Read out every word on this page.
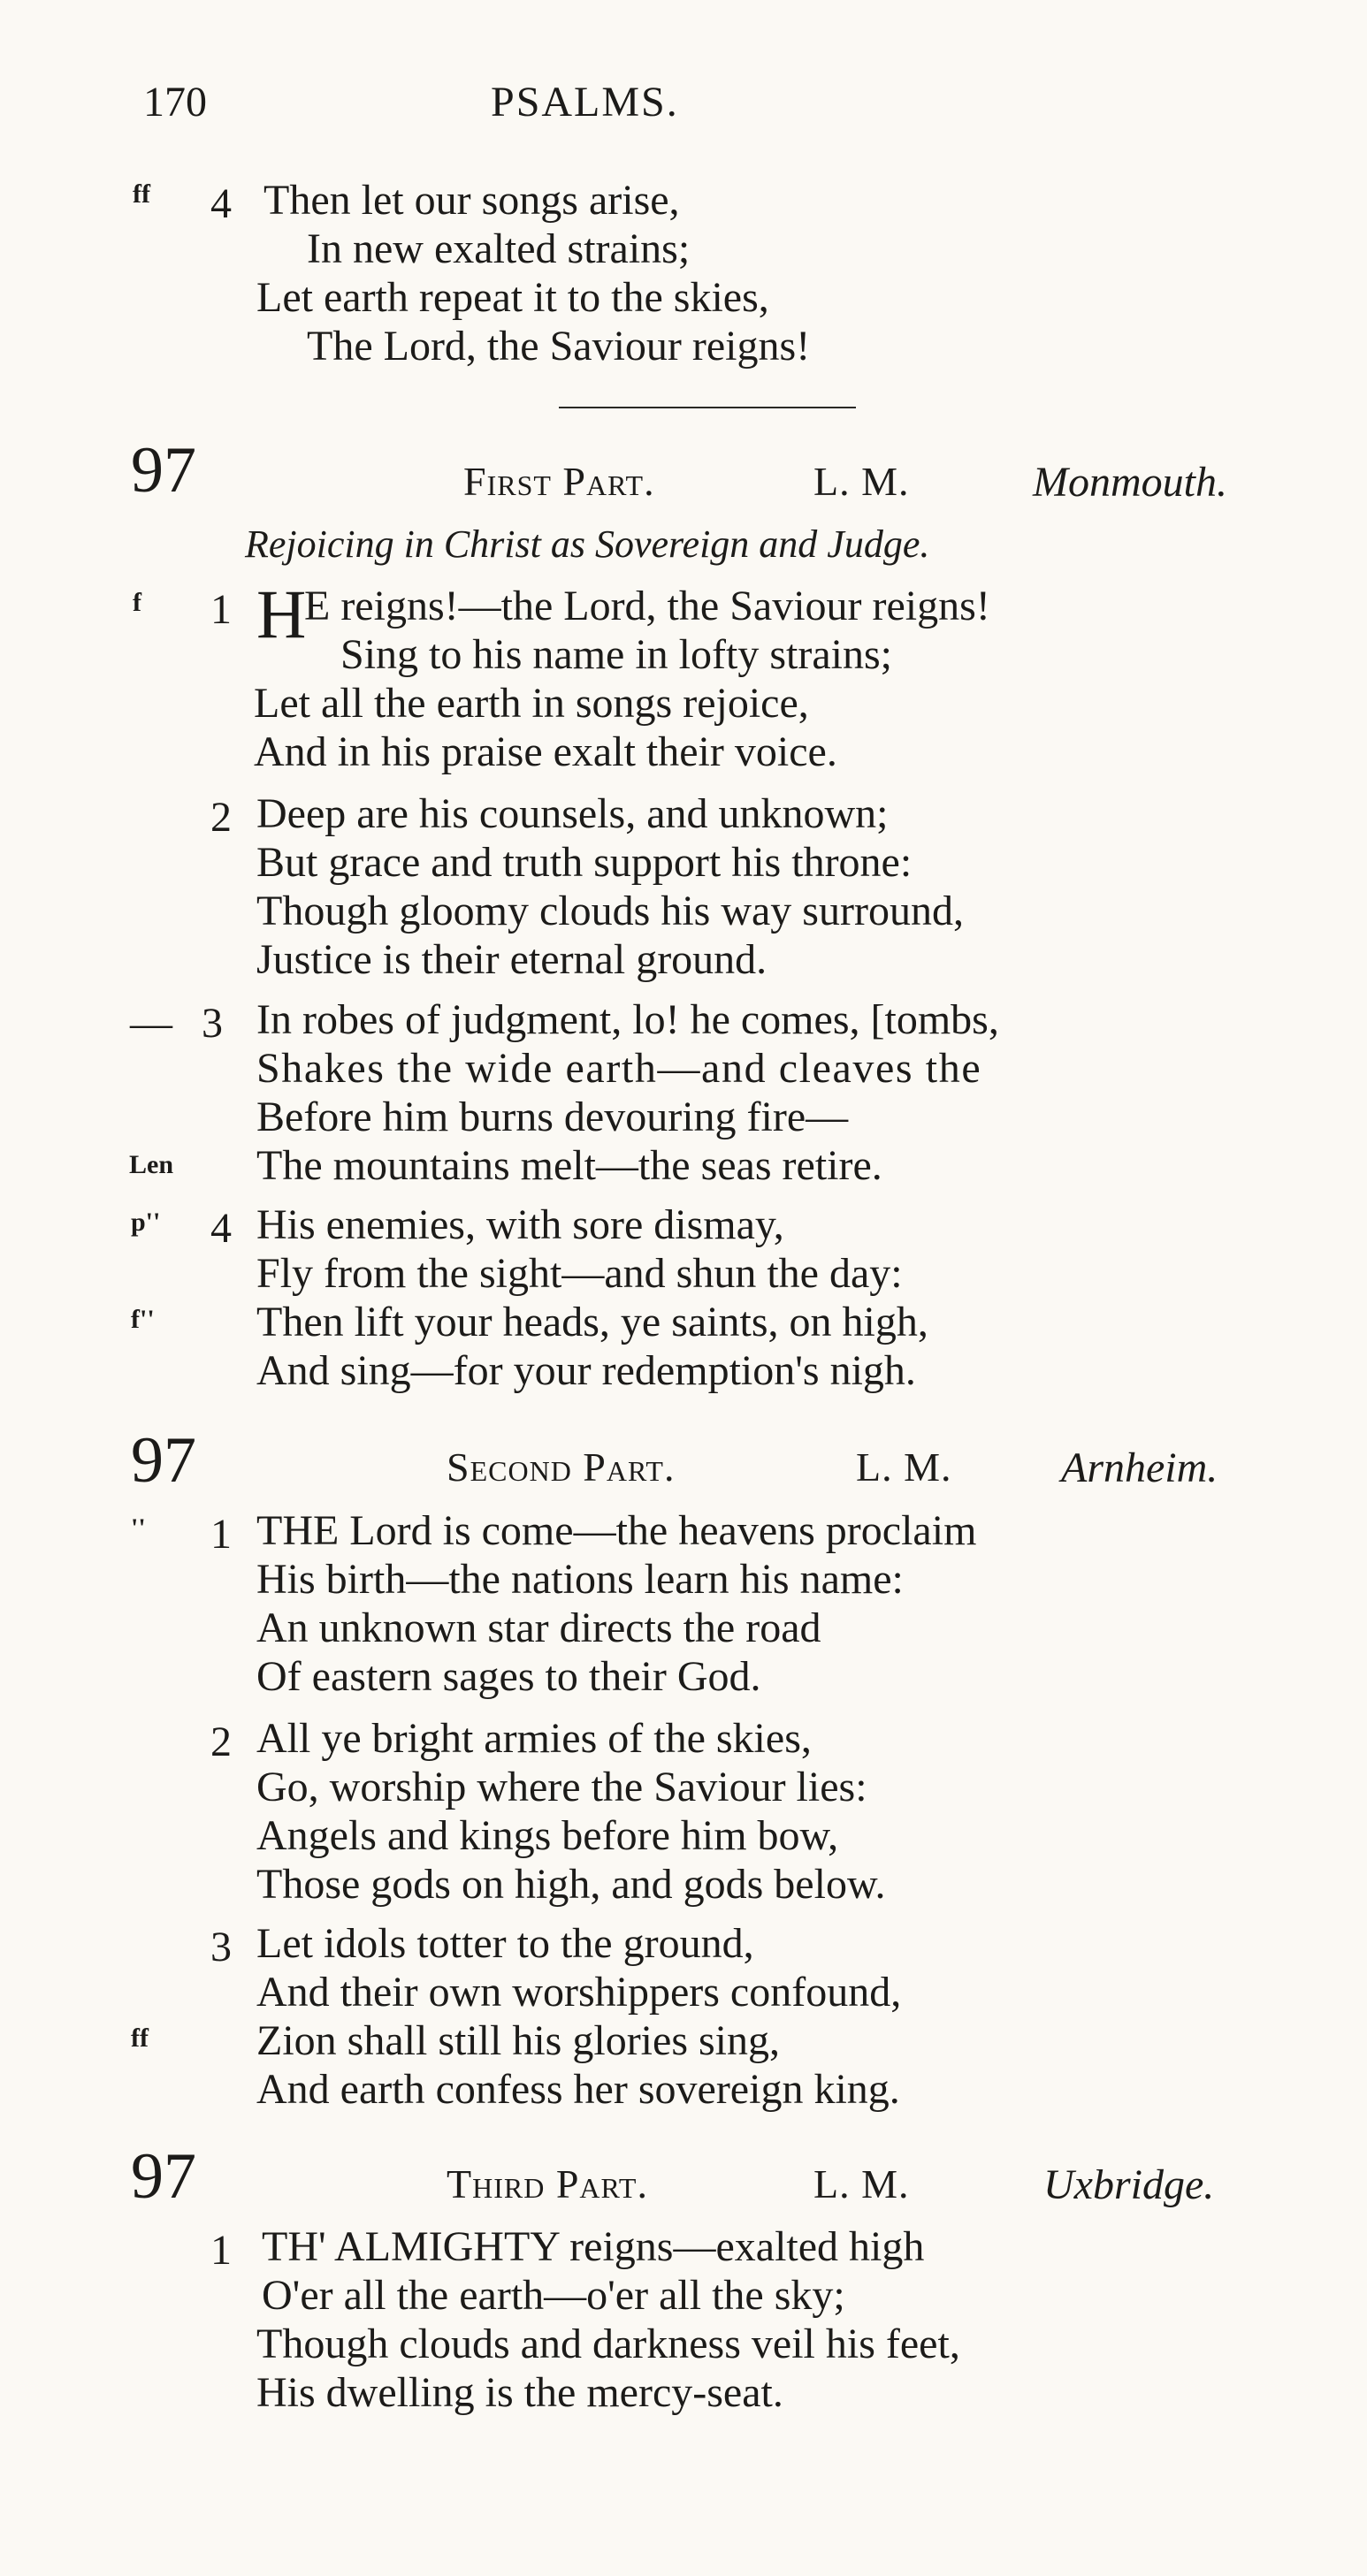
170	PSALMS.
ff 4 Then let our songs arise,
In new exalted strains;
Let earth repeat it to the skies,
The Lord, the Saviour reigns!
97	First Part.	L. M.	Monmouth.
Rejoicing in Christ as Sovereign and Judge.
f 1 H
E reigns!—the Lord, the Saviour reigns!
Sing to his name in lofty strains;
Let all the earth in songs rejoice,
And in his praise exalt their voice.
2 Deep are his counsels, and unknown;
But grace and truth support his throne:
Though gloomy clouds his way surround,
Justice is their eternal ground.
— 3 In robes of judgment, lo! he comes, [tombs,
Shakes the wide earth—and cleaves the
Before him burns devouring fire—
Len The mountains melt—the seas retire.
p'' 4 His enemies, with sore dismay,
Fly from the sight—and shun the day:
f'' Then lift your heads, ye saints, on high,
And sing—for your redemption's nigh.
97	Second Part.	L. M.	Arnheim.
'' 1 THE Lord is come—the heavens proclaim
His birth—the nations learn his name:
An unknown star directs the road
Of eastern sages to their God.
2 All ye bright armies of the skies,
Go, worship where the Saviour lies:
Angels and kings before him bow,
Those gods on high, and gods below.
3 Let idols totter to the ground,
And their own worshippers confound,
ff	Zion shall still his glories sing,
And earth confess her sovereign king.
97	Third Part.	L. M.	Uxbridge.
1 TH' ALMIGHTY reigns—exalted high
O'er all the earth—o'er all the sky;
Though clouds and darkness veil his feet,
His dwelling is the mercy-seat.
